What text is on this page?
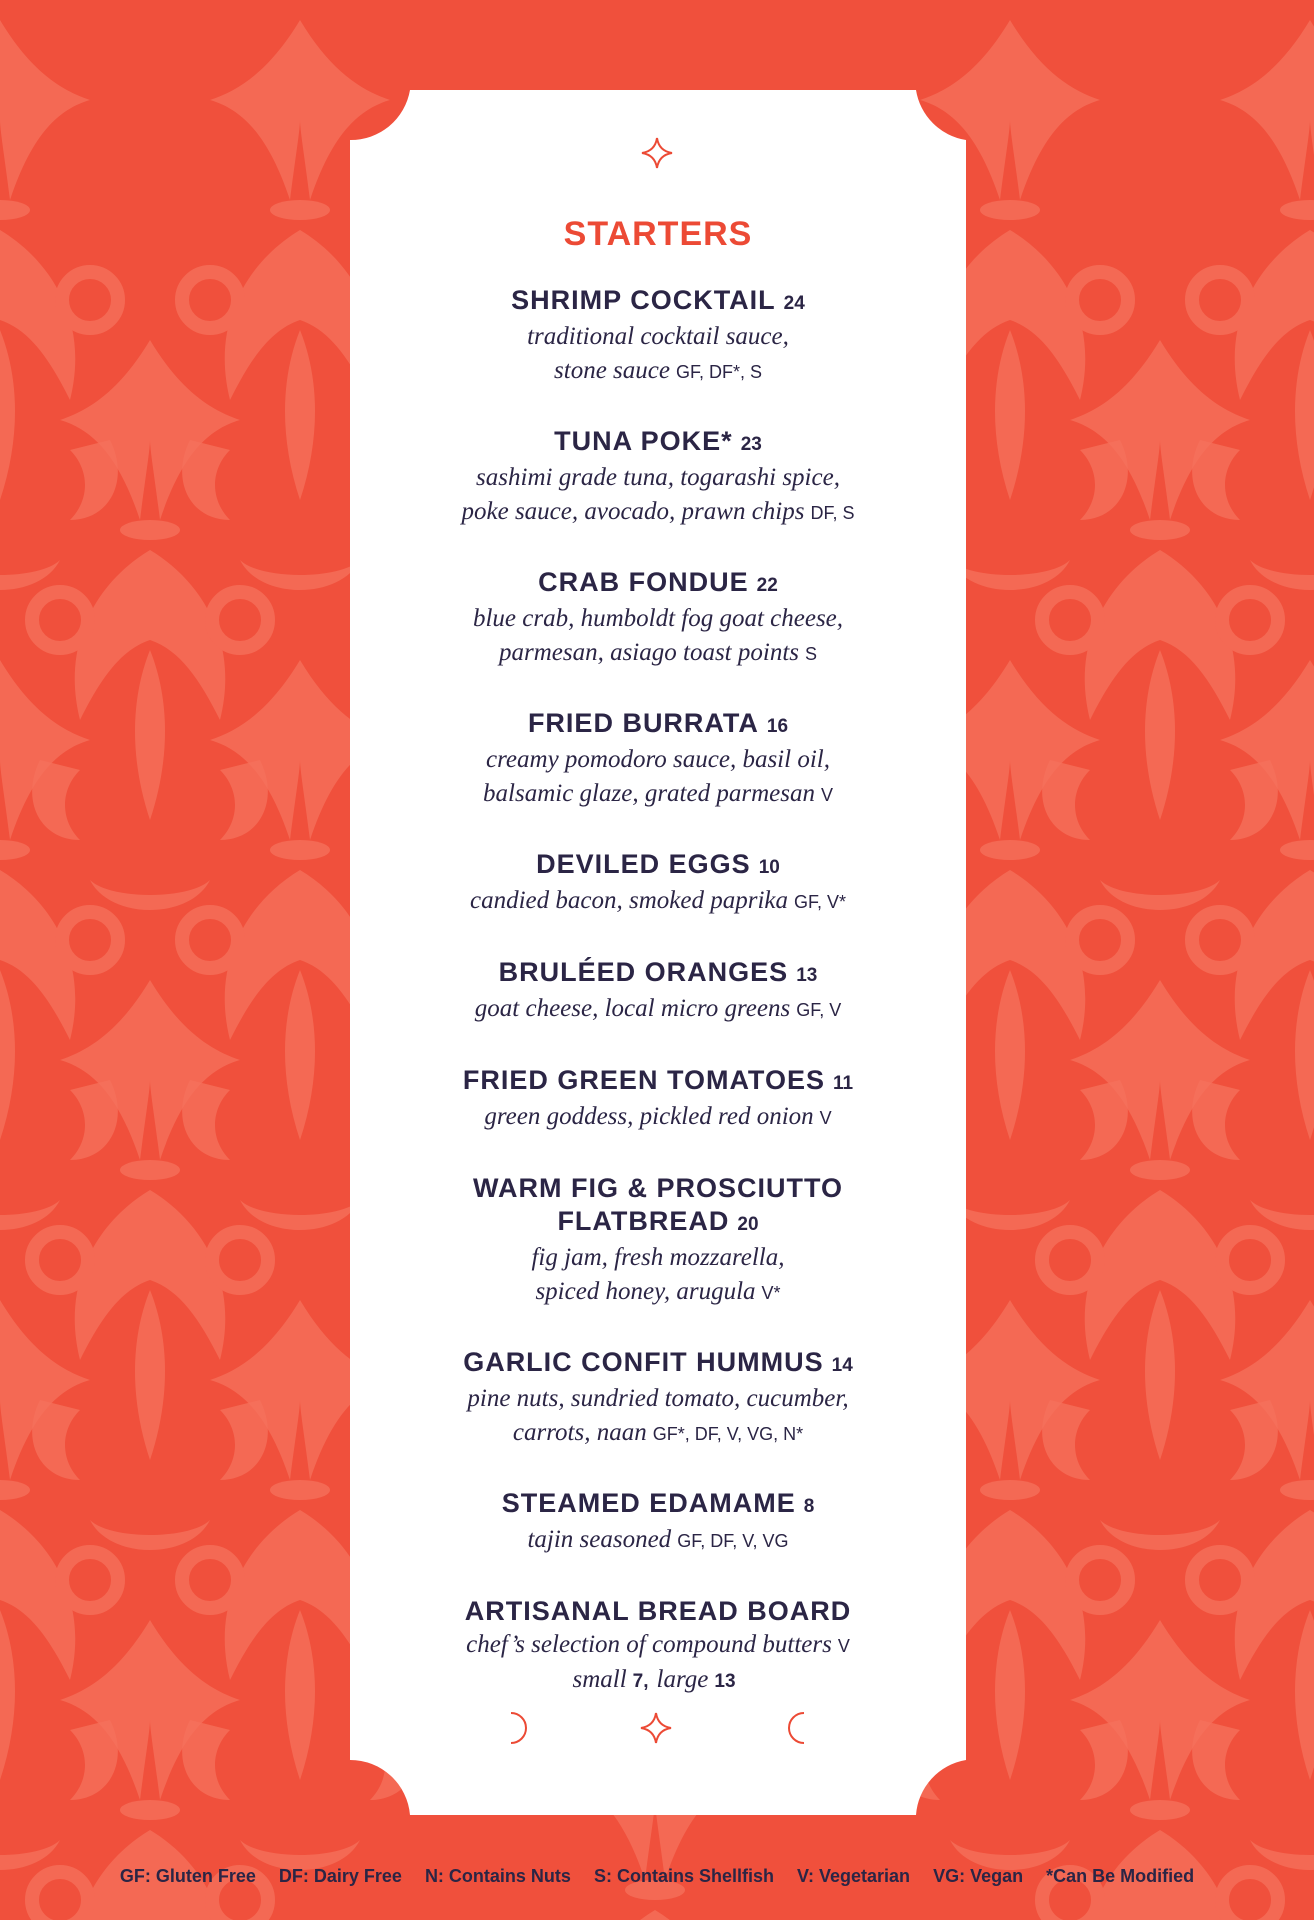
STARTERS
SHRIMP COCKTAIL 24
traditional cocktail sauce,
stone sauce GF, DF*, S
TUNA POKE* 23
sashimi grade tuna, togarashi spice,
poke sauce, avocado, prawn chips DF, S
CRAB FONDUE 22
blue crab, humboldt fog goat cheese,
parmesan, asiago toast points S
FRIED BURRATA 16
creamy pomodoro sauce, basil oil,
balsamic glaze, grated parmesan V
DEVILED EGGS 10
candied bacon, smoked paprika GF, V*
BRULÉED ORANGES 13
goat cheese, local micro greens GF, V
FRIED GREEN TOMATOES 11
green goddess, pickled red onion V
WARM FIG & PROSCIUTTO
FLATBREAD 20
fig jam, fresh mozzarella,
spiced honey, arugula V*
GARLIC CONFIT HUMMUS 14
pine nuts, sundried tomato, cucumber,
carrots, naan GF*, DF, V, VG, N*
STEAMED EDAMAME 8
tajin seasoned GF, DF, V, VG
ARTISANAL BREAD BOARD
chef’s selection of compound butters V
small 7, large 13
GF: Gluten Free DF: Dairy Free N: Contains Nuts S: Contains Shellfish V: Vegetarian VG: Vegan *Can Be Modified
